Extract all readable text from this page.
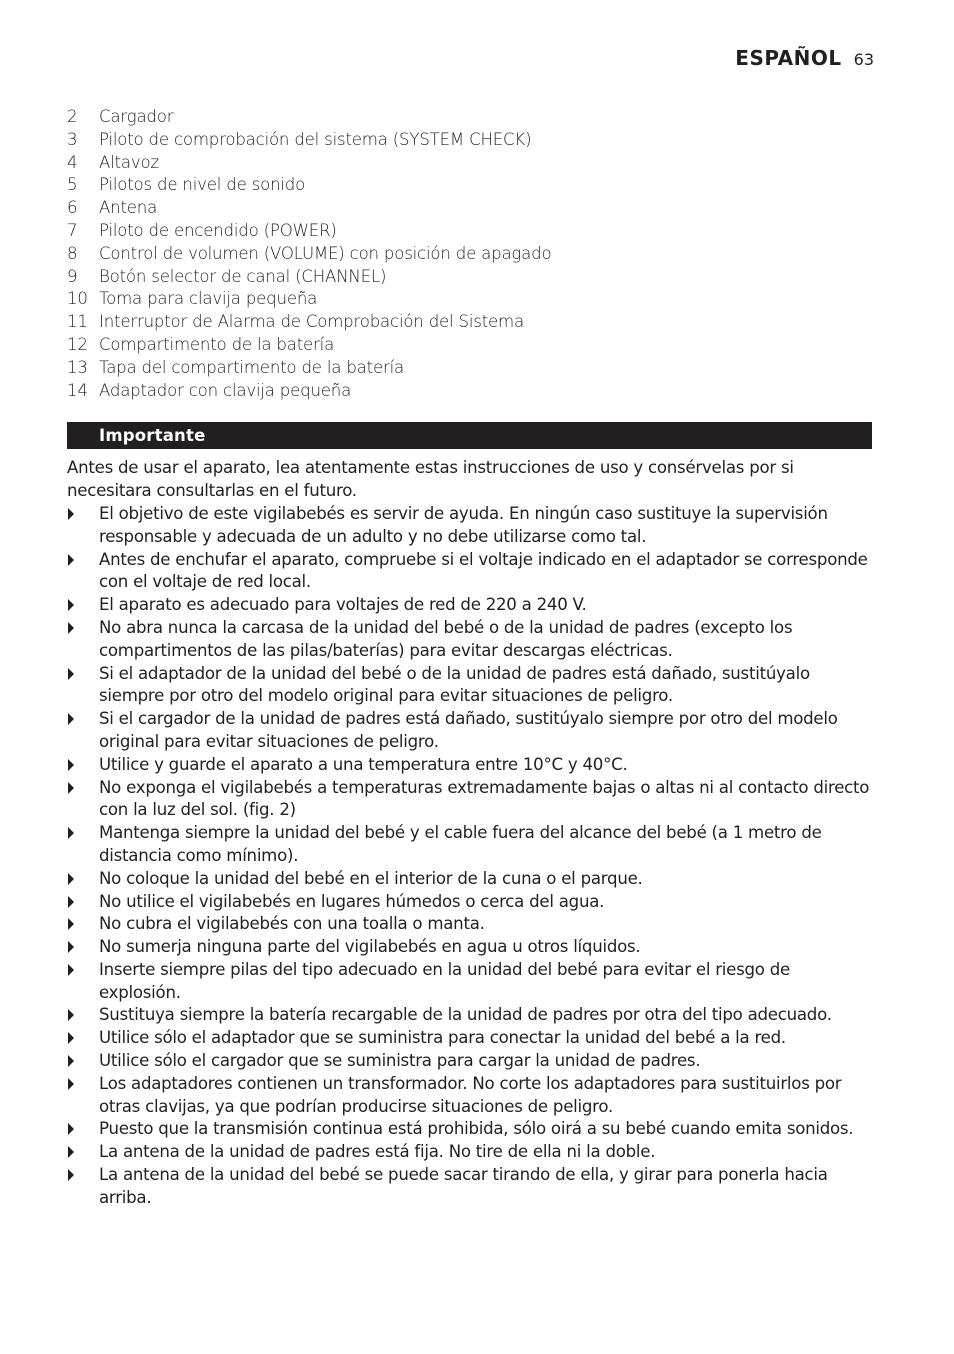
ESPAÑOL 63
2	Cargador
3	Piloto de comprobación del sistema (SYSTEM CHECK)
4	Altavoz
5	Pilotos de nivel de sonido
6	Antena
7	Piloto de encendido (POWER)
8	Control de volumen (VOLUME) con posición de apagado
9	Botón selector de canal (CHANNEL)
10 Toma para clavija pequeña
11 Interruptor de Alarma de Comprobación del Sistema
12 Compartimento de la batería
13 Tapa del compartimento de la batería
14 Adaptador con clavija pequeña
Importante
Antes de usar el aparato, lea atentamente estas instrucciones de uso y consérvelas por si necesitara consultarlas en el futuro.
El objetivo de este vigilabebés es servir de ayuda. En ningún caso sustituye la supervisión responsable y adecuada de un adulto y no debe utilizarse como tal.
Antes de enchufar el aparato, compruebe si el voltaje indicado en el adaptador se corresponde con el voltaje de red local.
El aparato es adecuado para voltajes de red de 220 a 240 V.
No abra nunca la carcasa de la unidad del bebé o de la unidad de padres (excepto los compartimentos de las pilas/baterías) para evitar descargas eléctricas.
Si el adaptador de la unidad del bebé o de la unidad de padres está dañado, sustitúyalo siempre por otro del modelo original para evitar situaciones de peligro.
Si el cargador de la unidad de padres está dañado, sustitúyalo siempre por otro del modelo original para evitar situaciones de peligro.
Utilice y guarde el aparato a una temperatura entre 10°C y 40°C.
No exponga el vigilabebés a temperaturas extremadamente bajas o altas ni al contacto directo con la luz del sol. (fig. 2)
Mantenga siempre la unidad del bebé y el cable fuera del alcance del bebé (a 1 metro de distancia como mínimo).
No coloque la unidad del bebé en el interior de la cuna o el parque.
No utilice el vigilabebés en lugares húmedos o cerca del agua.
No cubra el vigilabebés con una toalla o manta.
No sumerja ninguna parte del vigilabebés en agua u otros líquidos.
Inserte siempre pilas del tipo adecuado en la unidad del bebé para evitar el riesgo de explosión.
Sustituya siempre la batería recargable de la unidad de padres por otra del tipo adecuado.
Utilice sólo el adaptador que se suministra para conectar la unidad del bebé a la red.
Utilice sólo el cargador que se suministra para cargar la unidad de padres.
Los adaptadores contienen un transformador. No corte los adaptadores para sustituirlos por otras clavijas, ya que podrían producirse situaciones de peligro.
Puesto que la transmisión continua está prohibida, sólo oirá a su bebé cuando emita sonidos.
La antena de la unidad de padres está fija. No tire de ella ni la doble.
La antena de la unidad del bebé se puede sacar tirando de ella, y girar para ponerla hacia arriba.
